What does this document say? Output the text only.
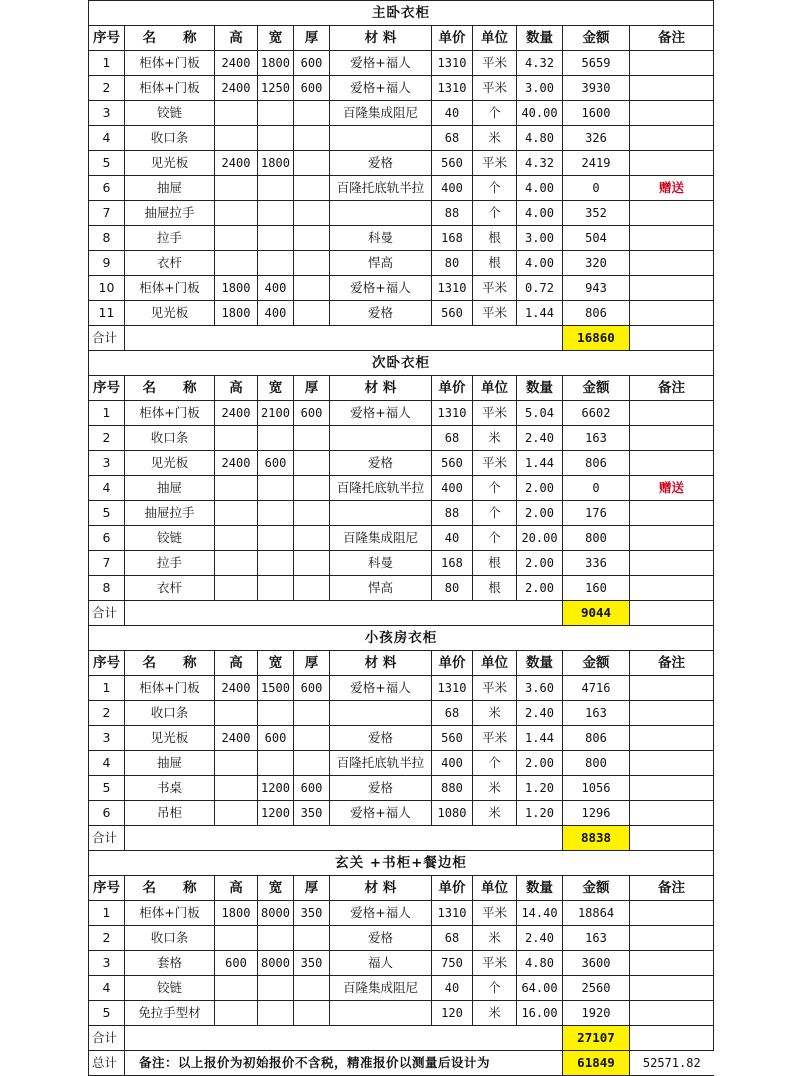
主卧衣柜										
序号	名　　称	高	宽	厚	材 料	单价	单位	数量	金额	备注
1	柜体+门板	2400	1800	600	爱格+福人	1310	平米	4.32	5659	
2	柜体+门板	2400	1250	600	爱格+福人	1310	平米	3.00	3930	
3	铰链				百隆集成阻尼	40	个	40.00	1600	
4	收口条					68	米	4.80	326	
5	见光板	2400	1800		爱格	560	平米	4.32	2419	
6	抽屉				百隆托底轨半拉	400	个	4.00	0	赠送
7	抽屉拉手					88	个	4.00	352	
8	拉手				科曼	168	根	3.00	504	
9	衣杆				悍高	80	根	4.00	320	
10	柜体+门板	1800	400		爱格+福人	1310	平米	0.72	943	
11	见光板	1800	400		爱格	560	平米	1.44	806	
合计									16860	
次卧衣柜										
序号	名　　称	高	宽	厚	材 料	单价	单位	数量	金额	备注
1	柜体+门板	2400	2100	600	爱格+福人	1310	平米	5.04	6602	
2	收口条					68	米	2.40	163	
3	见光板	2400	600		爱格	560	平米	1.44	806	
4	抽屉				百隆托底轨半拉	400	个	2.00	0	赠送
5	抽屉拉手					88	个	2.00	176	
6	铰链				百隆集成阻尼	40	个	20.00	800	
7	拉手				科曼	168	根	2.00	336	
8	衣杆				悍高	80	根	2.00	160	
合计									9044	
小孩房衣柜										
序号	名　　称	高	宽	厚	材 料	单价	单位	数量	金额	备注
1	柜体+门板	2400	1500	600	爱格+福人	1310	平米	3.60	4716	
2	收口条					68	米	2.40	163	
3	见光板	2400	600		爱格	560	平米	1.44	806	
4	抽屉				百隆托底轨半拉	400	个	2.00	800	
5	书桌		1200	600	爱格	880	米	1.20	1056	
6	吊柜		1200	350	爱格+福人	1080	米	1.20	1296	
合计									8838	
玄关 +书柜+餐边柜										
序号	名　　称	高	宽	厚	材 料	单价	单位	数量	金额	备注
1	柜体+门板	1800	8000	350	爱格+福人	1310	平米	14.40	18864	
2	收口条				爱格	68	米	2.40	163	
3	套格	600	8000	350	福人	750	平米	4.80	3600	
4	铰链				百隆集成阻尼	40	个	64.00	2560	
5	免拉手型材					120	米	16.00	1920	
合计									27107	
总计	备注：以上报价为初始报价不含税，精准报价以测量后设计为								61849	52571.82
